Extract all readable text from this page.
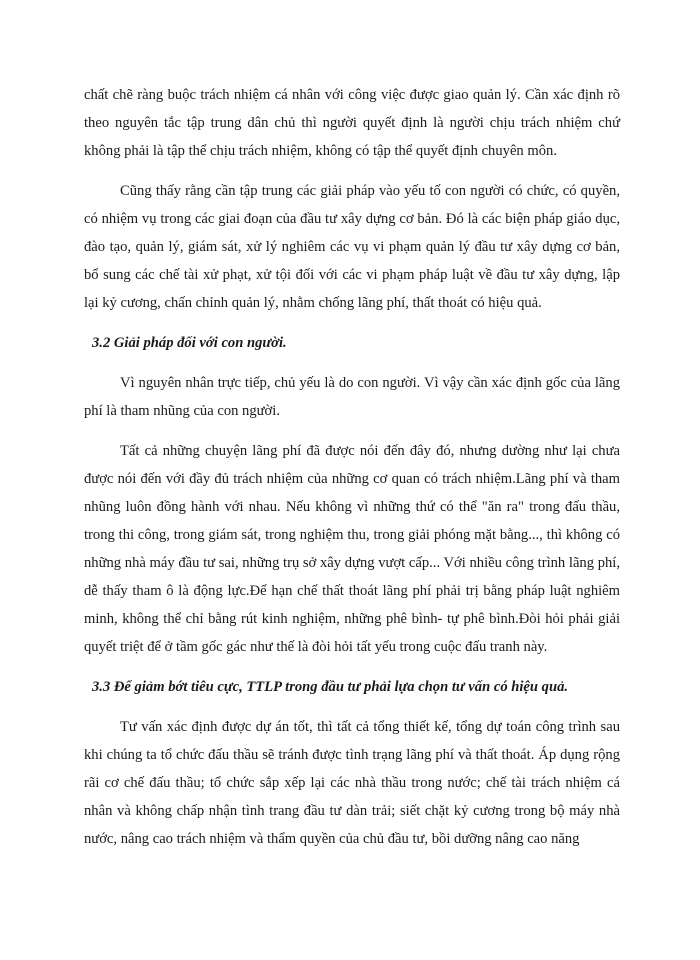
chất chẽ ràng buộc trách nhiệm cá nhân với công việc được giao quản lý. Cần xác định rõ theo nguyên tắc tập trung dân chủ thì người quyết định là người chịu trách nhiệm chứ không phải là tập thể chịu trách nhiệm, không có tập thể quyết định chuyên môn.

Cũng thấy rằng cần tập trung các giải pháp vào yếu tố con người có chức, có quyền, có nhiệm vụ trong các giai đoạn của đầu tư xây dựng cơ bản. Đó là các biện pháp giáo dục, đào tạo, quản lý, giám sát, xử lý nghiêm các vụ vi phạm quản lý đầu tư xây dựng cơ bản, bổ sung các chế tài xử phạt, xử tội đối với các vi phạm pháp luật về đầu tư xây dựng, lập lại kỷ cương, chấn chỉnh quản lý, nhằm chống lãng phí, thất thoát có hiệu quả.

3.2 Giải pháp đối với con người.

Vì nguyên nhân trực tiếp, chủ yếu là do con người. Vì vậy cần xác định gốc của lãng phí là tham nhũng của con người.

Tất cả những chuyện lãng phí đã được nói đến đây đó, nhưng dường như lại chưa được nói đến với đầy đủ trách nhiệm của những cơ quan có trách nhiệm.Lãng phí và tham nhũng luôn đồng hành với nhau. Nếu không vì những thứ có thể "ăn ra" trong đấu thầu, trong thi công, trong giám sát, trong nghiệm thu, trong giải phóng mặt bằng..., thì không có những nhà máy đầu tư sai, những trụ sở xây dựng vượt cấp... Với nhiều công trình lãng phí, dễ thấy tham ô là động lực.Để hạn chế thất thoát lãng phí phải trị bằng pháp luật nghiêm minh, không thể chỉ bằng rút kinh nghiệm, những phê bình- tự phê bình.Đòi hỏi phải giải quyết triệt để ở tầm gốc gác như thế là đòi hỏi tất yếu trong cuộc đấu tranh này.

3.3 Để giảm bớt tiêu cực, TTLP trong đầu tư phải lựa chọn tư vấn có hiệu quả.

Tư vấn xác định được dự án tốt, thì tất cả tổng thiết kế, tổng dự toán công trình sau khi chúng ta tổ chức đấu thầu sẽ tránh được tình trạng lãng phí và thất thoát. Áp dụng rộng rãi cơ chế đấu thầu; tổ chức sắp xếp lại các nhà thầu trong nước; chế tài trách nhiệm cá nhân và không chấp nhận tình trang đầu tư dàn trải; siết chặt kỷ cương trong bộ máy nhà nước, nâng cao trách nhiệm và thẩm quyền của chủ đầu tư, bồi dưỡng nâng cao năng
